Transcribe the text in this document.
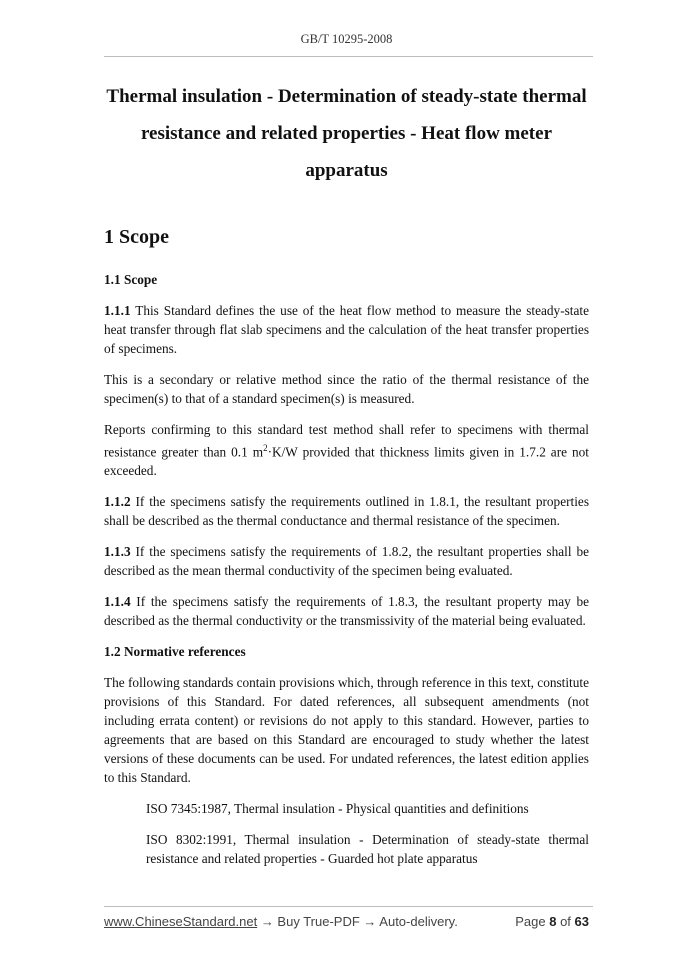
GB/T 10295-2008
Thermal insulation - Determination of steady-state thermal
resistance and related properties - Heat flow meter
apparatus
1 Scope
1.1 Scope

1.1.1 This Standard defines the use of the heat flow method to measure the steady-state heat transfer through flat slab specimens and the calculation of the heat transfer properties of specimens.

This is a secondary or relative method since the ratio of the thermal resistance of the specimen(s) to that of a standard specimen(s) is measured.

Reports confirming to this standard test method shall refer to specimens with thermal resistance greater than 0.1 $m^2\cdot K/W$ provided that thickness limits given in 1.7.2 are not exceeded.

1.1.2 If the specimens satisfy the requirements outlined in 1.8.1, the resultant properties shall be described as the thermal conductance and thermal resistance of the specimen.

1.1.3 If the specimens satisfy the requirements of 1.8.2, the resultant properties shall be described as the mean thermal conductivity of the specimen being evaluated.

1.1.4 If the specimens satisfy the requirements of 1.8.3, the resultant property may be described as the thermal conductivity or the transmissivity of the material being evaluated.

1.2 Normative references

The following standards contain provisions which, through reference in this text, constitute provisions of this Standard. For dated references, all subsequent amendments (not including errata content) or revisions do not apply to this standard. However, parties to agreements that are based on this Standard are encouraged to study whether the latest versions of these documents can be used. For undated references, the latest edition applies to this Standard.

ISO 7345:1987, Thermal insulation - Physical quantities and definitions

ISO 8302:1991, Thermal insulation - Determination of steady-state thermal resistance and related properties - Guarded hot plate apparatus

www.ChineseStandard.net → Buy True-PDF → Auto-delivery.	Page 8 of 63
